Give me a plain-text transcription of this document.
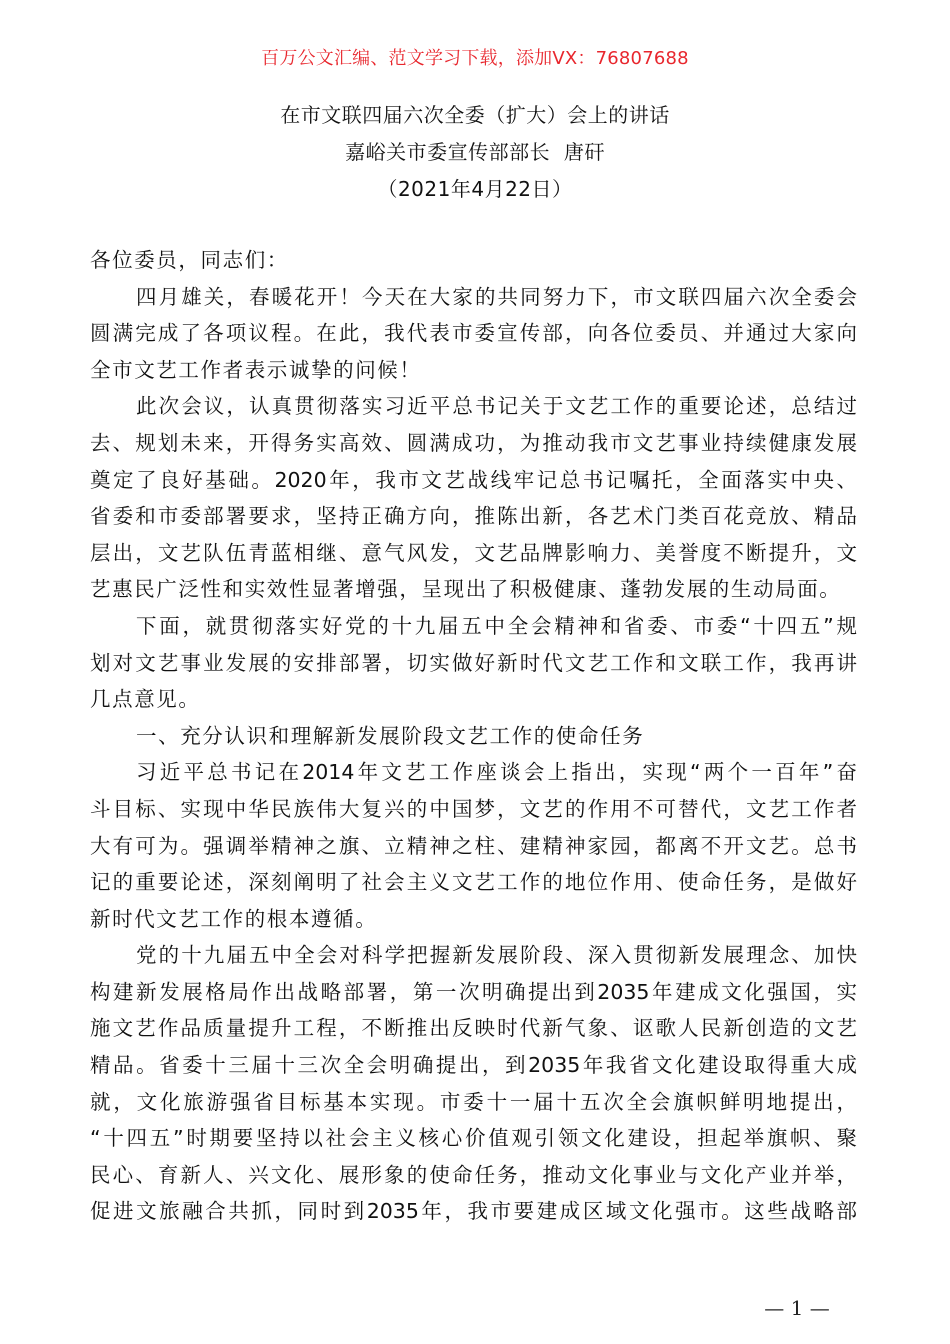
百万公文汇编、范文学习下载，添加VX：76807688
在市文联四届六次全委（扩大）会上的讲话
嘉峪关市委宣传部部长  唐矸
（2021年4月22日）
各位委员，同志们：
四月雄关，春暖花开！今天在大家的共同努力下，市文联四届六次全委会
圆满完成了各项议程。在此，我代表市委宣传部，向各位委员、并通过大家向
全市文艺工作者表示诚挚的问候！
此次会议，认真贯彻落实习近平总书记关于文艺工作的重要论述，总结过
去、规划未来，开得务实高效、圆满成功，为推动我市文艺事业持续健康发展
奠定了良好基础。2020年，我市文艺战线牢记总书记嘱托，全面落实中央、
省委和市委部署要求，坚持正确方向，推陈出新，各艺术门类百花竞放、精品
层出，文艺队伍青蓝相继、意气风发，文艺品牌影响力、美誉度不断提升，文
艺惠民广泛性和实效性显著增强，呈现出了积极健康、蓬勃发展的生动局面。
下面，就贯彻落实好党的十九届五中全会精神和省委、市委“十四五”规
划对文艺事业发展的安排部署，切实做好新时代文艺工作和文联工作，我再讲
几点意见。
一、充分认识和理解新发展阶段文艺工作的使命任务
习近平总书记在2014年文艺工作座谈会上指出，实现“两个一百年”奋
斗目标、实现中华民族伟大复兴的中国梦，文艺的作用不可替代，文艺工作者
大有可为。强调举精神之旗、立精神之柱、建精神家园，都离不开文艺。总书
记的重要论述，深刻阐明了社会主义文艺工作的地位作用、使命任务，是做好
新时代文艺工作的根本遵循。
党的十九届五中全会对科学把握新发展阶段、深入贯彻新发展理念、加快
构建新发展格局作出战略部署，第一次明确提出到2035年建成文化强国，实
施文艺作品质量提升工程，不断推出反映时代新气象、讴歌人民新创造的文艺
精品。省委十三届十三次全会明确提出，到2035年我省文化建设取得重大成
就，文化旅游强省目标基本实现。市委十一届十五次全会旗帜鲜明地提出，
“十四五”时期要坚持以社会主义核心价值观引领文化建设，担起举旗帜、聚
民心、育新人、兴文化、展形象的使命任务，推动文化事业与文化产业并举，
促进文旅融合共抓，同时到2035年，我市要建成区域文化强市。这些战略部
— 1 —
